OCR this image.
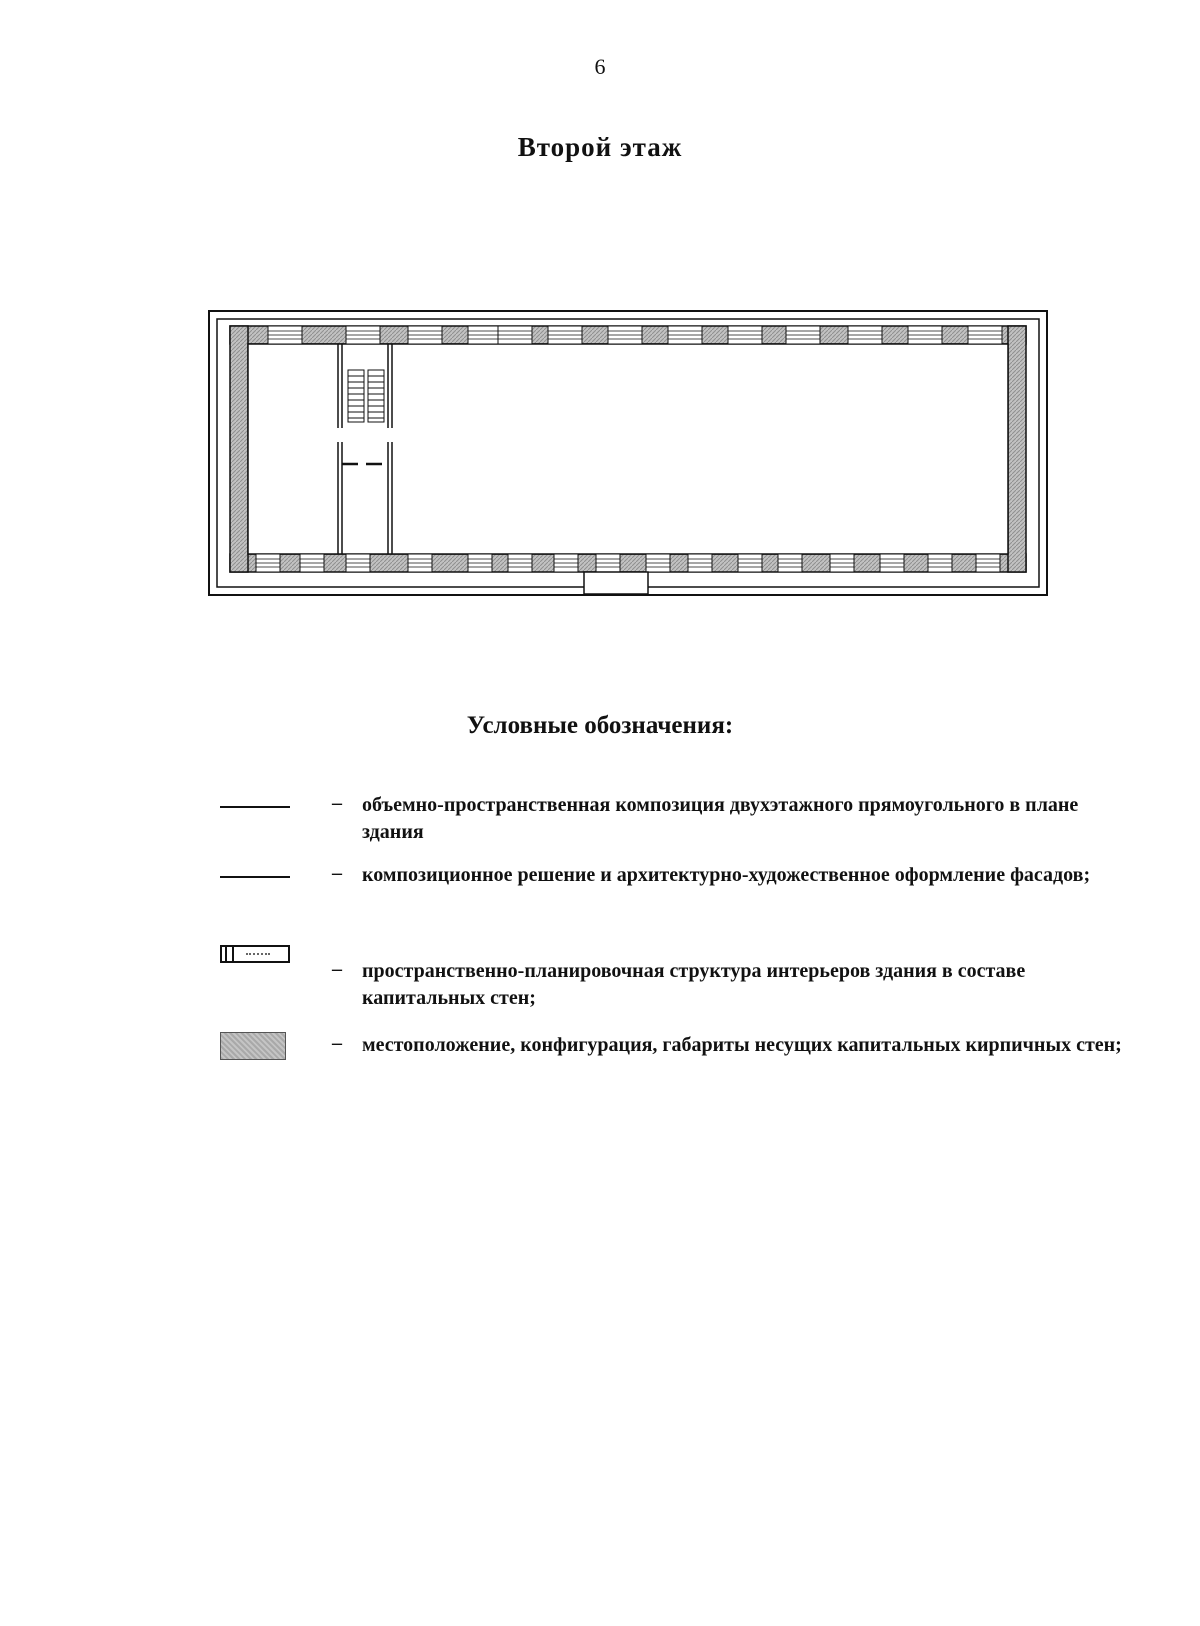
6
Второй этаж
Условные обозначения:
– объемно-пространственная композиция двухэтажного прямоугольного в плане здания
– композиционное решение и архитектурно-художественное оформление фасадов;
– пространственно-планировочная структура интерьеров здания в составе капитальных стен;
– местоположение, конфигурация, габариты несущих капитальных кирпичных стен;
